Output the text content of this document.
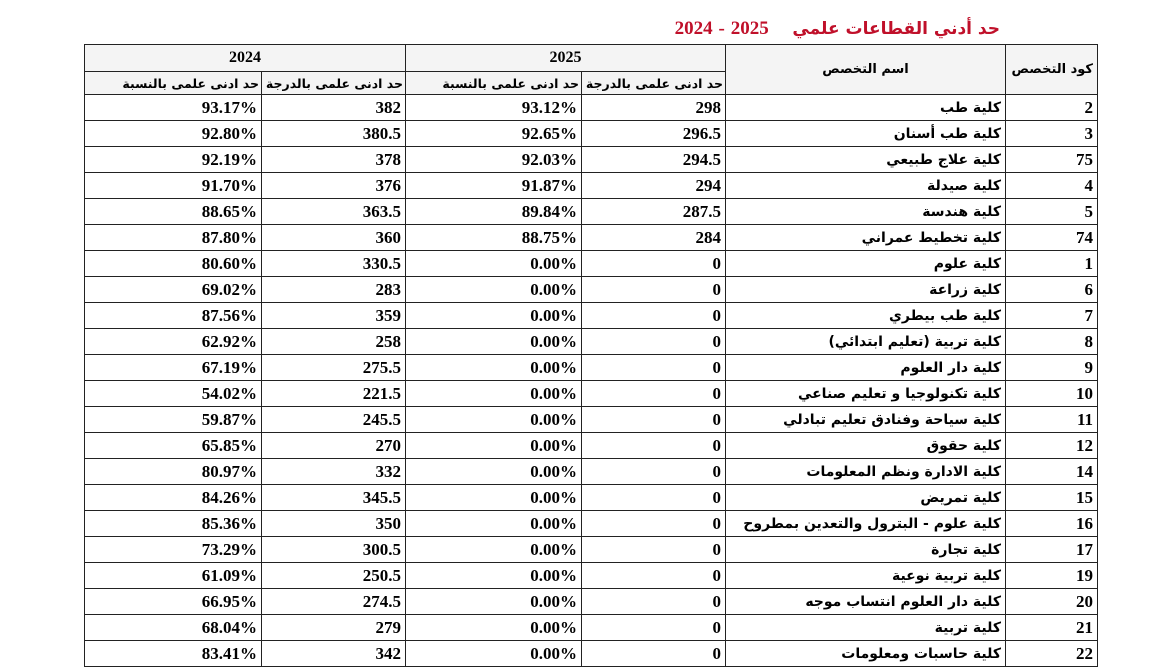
حد أدني القطاعات علمي    2025 - 2024
2024		2025		اسم التخصص	كود التخصص
حد ادنى علمى بالنسبة	حد ادنى علمى بالدرجة	حد ادنى علمى بالنسبة	حد ادنى علمى بالدرجة		
93.17%	382	93.12%	298	كلية طب	2
92.80%	380.5	92.65%	296.5	كلية طب أسنان	3
92.19%	378	92.03%	294.5	كلية علاج طبيعي	75
91.70%	376	91.87%	294	كلية صيدلة	4
88.65%	363.5	89.84%	287.5	كلية هندسة	5
87.80%	360	88.75%	284	كلية تخطيط عمراني	74
80.60%	330.5	0.00%	0	كلية علوم	1
69.02%	283	0.00%	0	كلية زراعة	6
87.56%	359	0.00%	0	كلية طب بيطري	7
62.92%	258	0.00%	0	كلية تربية (تعليم ابتدائي)	8
67.19%	275.5	0.00%	0	كلية دار العلوم	9
54.02%	221.5	0.00%	0	كلية تكنولوجيا و تعليم صناعي	10
59.87%	245.5	0.00%	0	كلية سياحة وفنادق تعليم تبادلي	11
65.85%	270	0.00%	0	كلية حقوق	12
80.97%	332	0.00%	0	كلية الادارة ونظم المعلومات	14
84.26%	345.5	0.00%	0	كلية تمريض	15
85.36%	350	0.00%	0	كلية علوم - البترول والتعدين بمطروح	16
73.29%	300.5	0.00%	0	كلية تجارة	17
61.09%	250.5	0.00%	0	كلية تربية نوعية	19
66.95%	274.5	0.00%	0	كلية دار العلوم انتساب موجه	20
68.04%	279	0.00%	0	كلية تربية	21
83.41%	342	0.00%	0	كلية حاسبات ومعلومات	22
